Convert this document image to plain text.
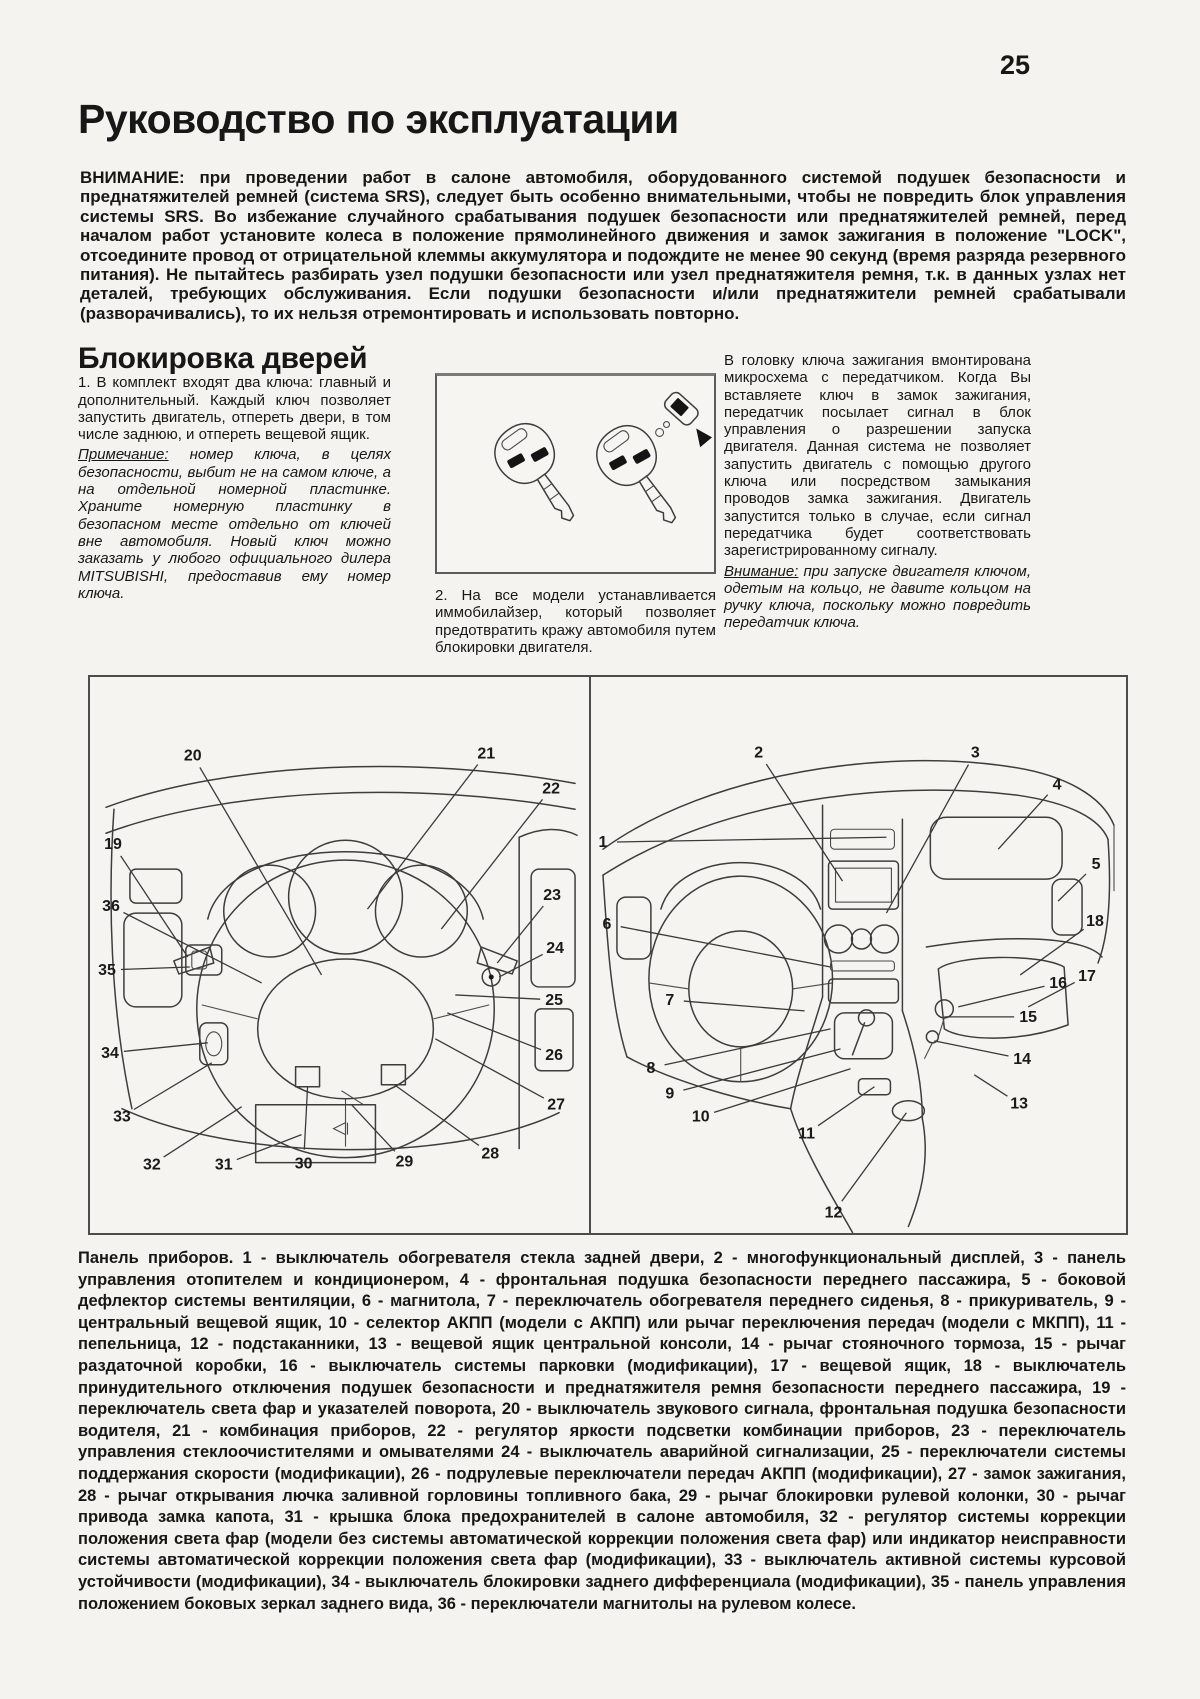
25
Руководство по эксплуатации

ВНИМАНИЕ: при проведении работ в салоне автомобиля, оборудованного системой подушек безопасности и преднатяжителей ремней (система SRS), следует быть особенно внимательными, чтобы не повредить блок управления системы SRS. Во избежание случайного срабатывания подушек безопасности или преднатяжителей ремней, перед началом работ установите колеса в положение прямолинейного движения и замок зажигания в положение "LOCK", отсоедините провод от отрицательной клеммы аккумулятора и подождите не менее 90 секунд (время разряда резервного питания). Не пытайтесь разбирать узел подушки безопасности или узел преднатяжителя ремня, т.к. в данных узлах нет деталей, требующих обслуживания. Если подушки безопасности и/или преднатяжители ремней срабатывали (разворачивались), то их нельзя отремонтировать и использовать повторно.

Блокировка дверей

1. В комплект входят два ключа: главный и дополнительный. Каждый ключ позволяет запустить двигатель, отпереть двери, в том числе заднюю, и отпереть вещевой ящик.

Примечание: номер ключа, в целях безопасности, выбит не на самом ключе, а на отдельной номерной пластинке. Храните номерную пластинку в безопасном месте отдельно от ключей вне автомобиля. Новый ключ можно заказать у любого официального дилера MITSUBISHI, предоставив ему номер ключа.	2. На все модели устанавливается иммобилайзер, который позволяет предотвратить кражу автомобиля путем блокировки двигателя.

В головку ключа зажигания вмонтирована микросхема с передатчиком. Когда Вы вставляете ключ в замок зажигания, передатчик посылает сигнал в блок управления о разрешении запуска двигателя. Данная система не позволяет запустить двигатель с помощью другого ключа или посредством замыкания проводов замка зажигания. Двигатель запустится только в случае, если сигнал передатчика будет соответствовать зарегистрированному сигналу.

Внимание: при запуске двигателя ключом, одетым на кольцо, не давите кольцом на ручку ключа, поскольку можно повредить передатчик ключа.

20	21
19
36
35
34
33
32	31	30	29	28
22
23
24
25
26
27
2	3
4
1
5
6	18
17
7
16
15
14
8
9
13
10
11
12

Панель приборов. 1 - выключатель обогревателя стекла задней двери, 2 - многофункциональный дисплей, 3 - панель управления отопителем и кондиционером, 4 - фронтальная подушка безопасности переднего пассажира, 5 - боковой дефлектор системы вентиляции, 6 - магнитола, 7 - переключатель обогревателя переднего сиденья, 8 - прикуриватель, 9 - центральный вещевой ящик, 10 - селектор АКПП (модели с АКПП) или рычаг переключения передач (модели с МКПП), 11 - пепельница, 12 - подстаканники, 13 - вещевой ящик центральной консоли, 14 - рычаг стояночного тормоза, 15 - рычаг раздаточной коробки, 16 - выключатель системы парковки (модификации), 17 - вещевой ящик, 18 - выключатель принудительного отключения подушек безопасности и преднатяжителя ремня безопасности переднего пассажира, 19 - переключатель света фар и указателей поворота, 20 - выключатель звукового сигнала, фронтальная подушка безопасности водителя, 21 - комбинация приборов, 22 - регулятор яркости подсветки комбинации приборов, 23 - переключатель управления стеклоочистителями и омывателями 24 - выключатель аварийной сигнализации, 25 - переключатели системы поддержания скорости (модификации), 26 - подрулевые переключатели передач АКПП (модификации), 27 - замок зажигания, 28 - рычаг открывания лючка заливной горловины топливного бака, 29 - рычаг блокировки рулевой колонки, 30 - рычаг привода замка капота, 31 - крышка блока предохранителей в салоне автомобиля, 32 - регулятор системы коррекции положения света фар (модели без системы автоматической коррекции положения света фар) или индикатор неисправности системы автоматической коррекции положения света фар (модификации), 33 - выключатель активной системы курсовой устойчивости (модификации), 34 - выключатель блокировки заднего дифференциала (модификации), 35 - панель управления положением боковых зеркал заднего вида, 36 - переключатели магнитолы на рулевом колесе.
